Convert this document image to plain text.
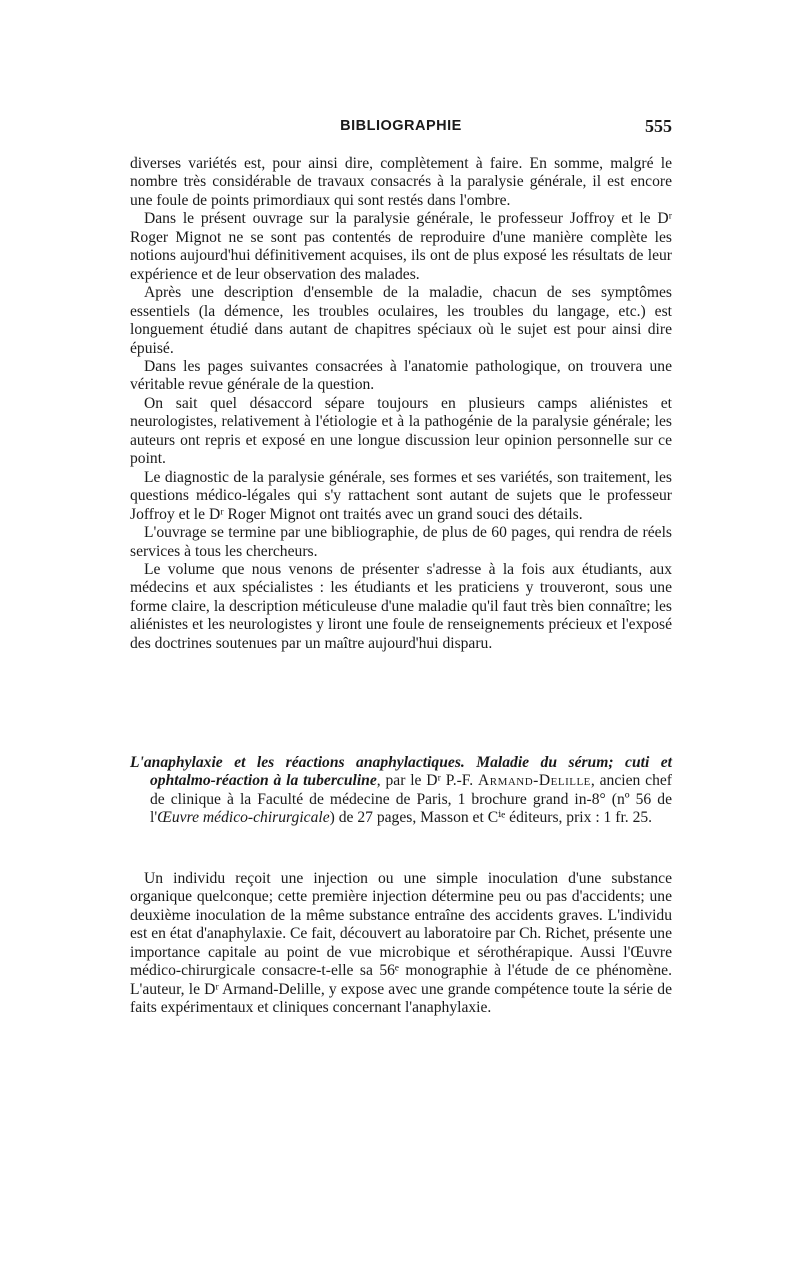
BIBLIOGRAPHIE	555

diverses variétés est, pour ainsi dire, complètement à faire. En somme, malgré le nombre très considérable de travaux consacrés à la paralysie générale, il est encore une foule de points primordiaux qui sont restés dans l'ombre.

Dans le présent ouvrage sur la paralysie générale, le professeur Joffroy et le Dʳ Roger Mignot ne se sont pas contentés de reproduire d'une manière complète les notions aujourd'hui définitivement acquises, ils ont de plus exposé les résultats de leur expérience et de leur observation des malades.

Après une description d'ensemble de la maladie, chacun de ses symptômes essentiels (la démence, les troubles oculaires, les troubles du langage, etc.) est longuement étudié dans autant de chapitres spéciaux où le sujet est pour ainsi dire épuisé.

Dans les pages suivantes consacrées à l'anatomie pathologique, on trouvera une véritable revue générale de la question.

On sait quel désaccord sépare toujours en plusieurs camps aliénistes et neurologistes, relativement à l'étiologie et à la pathogénie de la paralysie générale; les auteurs ont repris et exposé en une longue discussion leur opinion personnelle sur ce point.

Le diagnostic de la paralysie générale, ses formes et ses variétés, son traitement, les questions médico-légales qui s'y rattachent sont autant de sujets que le professeur Joffroy et le Dʳ Roger Mignot ont traités avec un grand souci des détails.

L'ouvrage se termine par une bibliographie, de plus de 60 pages, qui rendra de réels services à tous les chercheurs.

Le volume que nous venons de présenter s'adresse à la fois aux étudiants, aux médecins et aux spécialistes : les étudiants et les praticiens y trouveront, sous une forme claire, la description méticuleuse d'une maladie qu'il faut très bien connaître; les aliénistes et les neurologistes y liront une foule de renseignements précieux et l'exposé des doctrines soutenues par un maître aujourd'hui disparu.

L'anaphylaxie et les réactions anaphylactiques. Maladie du sérum; cuti et ophtalmo-réaction à la tuberculine, par le Dʳ P.-F. Armand-Delille, ancien chef de clinique à la Faculté de médecine de Paris, 1 brochure grand in-8° (nº 56 de l'Œuvre médico-chirurgicale) de 27 pages, Masson et Cⁱᵉ éditeurs, prix : 1 fr. 25.

Un individu reçoit une injection ou une simple inoculation d'une substance organique quelconque; cette première injection détermine peu ou pas d'accidents; une deuxième inoculation de la même substance entraîne des accidents graves. L'individu est en état d'anaphylaxie. Ce fait, découvert au laboratoire par Ch. Richet, présente une importance capitale au point de vue microbique et sérothérapique. Aussi l'Œuvre médico-chirurgicale consacre-t-elle sa 56ᵉ monographie à l'étude de ce phénomène. L'auteur, le Dʳ Armand-Delille, y expose avec une grande compétence toute la série de faits expérimentaux et cliniques concernant l'anaphylaxie.
